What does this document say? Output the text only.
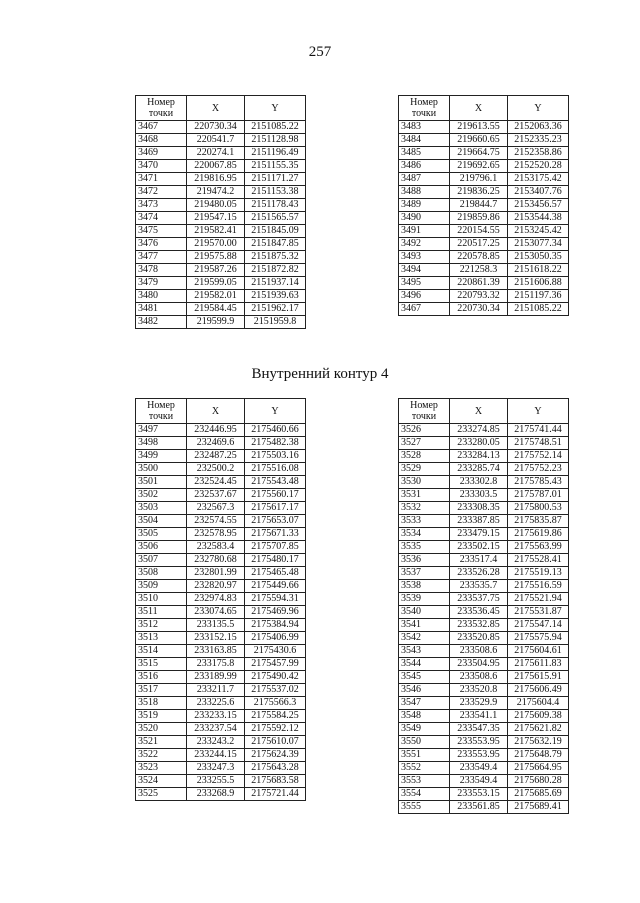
257
Номер точки	X	Y
3467	220730.34	2151085.22
3468	220541.7	2151128.98
3469	220274.1	2151196.49
3470	220067.85	2151155.35
3471	219816.95	2151171.27
3472	219474.2	2151153.38
3473	219480.05	2151178.43
3474	219547.15	2151565.57
3475	219582.41	2151845.09
3476	219570.00	2151847.85
3477	219575.88	2151875.32
3478	219587.26	2151872.82
3479	219599.05	2151937.14
3480	219582.01	2151939.63
3481	219584.45	2151962.17
3482	219599.9	2151959.8
Номер точки	X	Y
3483	219613.55	2152063.36
3484	219660.65	2152335.23
3485	219664.75	2152358.86
3486	219692.65	2152520.28
3487	219796.1	2153175.42
3488	219836.25	2153407.76
3489	219844.7	2153456.57
3490	219859.86	2153544.38
3491	220154.55	2153245.42
3492	220517.25	2153077.34
3493	220578.85	2153050.35
3494	221258.3	2151618.22
3495	220861.39	2151606.88
3496	220793.32	2151197.36
3467	220730.34	2151085.22
Внутренний контур 4
Номер точки	X	Y
3497	232446.95	2175460.66
3498	232469.6	2175482.38
3499	232487.25	2175503.16
3500	232500.2	2175516.08
3501	232524.45	2175543.48
3502	232537.67	2175560.17
3503	232567.3	2175617.17
3504	232574.55	2175653.07
3505	232578.95	2175671.33
3506	232583.4	2175707.85
3507	232780.68	2175480.17
3508	232801.99	2175465.48
3509	232820.97	2175449.66
3510	232974.83	2175594.31
3511	233074.65	2175469.96
3512	233135.5	2175384.94
3513	233152.15	2175406.99
3514	233163.85	2175430.6
3515	233175.8	2175457.99
3516	233189.99	2175490.42
3517	233211.7	2175537.02
3518	233225.6	2175566.3
3519	233233.15	2175584.25
3520	233237.54	2175592.12
3521	233243.2	2175610.07
3522	233244.15	2175624.39
3523	233247.3	2175643.28
3524	233255.5	2175683.58
3525	233268.9	2175721.44
Номер точки	X	Y
3526	233274.85	2175741.44
3527	233280.05	2175748.51
3528	233284.13	2175752.14
3529	233285.74	2175752.23
3530	233302.8	2175785.43
3531	233303.5	2175787.01
3532	233308.35	2175800.53
3533	233387.85	2175835.87
3534	233479.15	2175619.86
3535	233502.15	2175563.99
3536	233517.4	2175528.41
3537	233526.28	2175519.13
3538	233535.7	2175516.59
3539	233537.75	2175521.94
3540	233536.45	2175531.87
3541	233532.85	2175547.14
3542	233520.85	2175575.94
3543	233508.6	2175604.61
3544	233504.95	2175611.83
3545	233508.6	2175615.91
3546	233520.8	2175606.49
3547	233529.9	2175604.4
3548	233541.1	2175609.38
3549	233547.35	2175621.82
3550	233553.95	2175632.19
3551	233553.95	2175648.79
3552	233549.4	2175664.95
3553	233549.4	2175680.28
3554	233553.15	2175685.69
3555	233561.85	2175689.41
